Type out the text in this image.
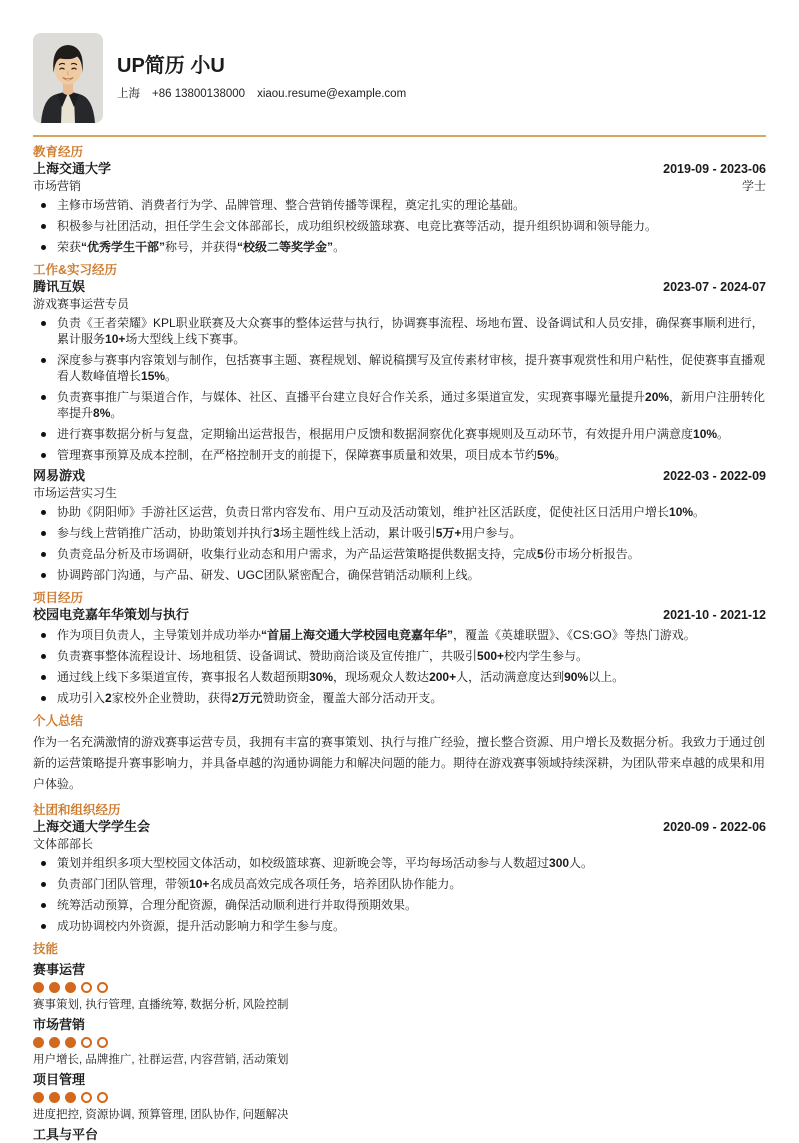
UP简历 小U
上海 +86 13800138000 xiaou.resume@example.com
教育经历
上海交通大学	2019-09 - 2023-06
市场营销	学士
主修市场营销、消费者行为学、品牌管理、整合营销传播等课程，奠定扎实的理论基础。
积极参与社团活动，担任学生会文体部部长，成功组织校级篮球赛、电竞比赛等活动，提升组织协调和领导能力。
荣获“优秀学生干部”称号，并获得“校级二等奖学金”。
工作&实习经历
腾讯互娱	2023-07 - 2024-07
游戏赛事运营专员
负责《王者荣耀》KPL职业联赛及大众赛事的整体运营与执行，协调赛事流程、场地布置、设备调试和人员安排，确保赛事顺利进行，累计服务10+场大型线上线下赛事。
深度参与赛事内容策划与制作，包括赛事主题、赛程规划、解说稿撰写及宣传素材审核，提升赛事观赏性和用户粘性，促使赛事直播观看人数峰值增长15%。
负责赛事推广与渠道合作，与媒体、社区、直播平台建立良好合作关系，通过多渠道宣发，实现赛事曝光量提升20%，新用户注册转化率提升8%。
进行赛事数据分析与复盘，定期输出运营报告，根据用户反馈和数据洞察优化赛事规则及互动环节，有效提升用户满意度10%。
管理赛事预算及成本控制，在严格控制开支的前提下，保障赛事质量和效果，项目成本节约5%。
网易游戏	2022-03 - 2022-09
市场运营实习生
协助《阴阳师》手游社区运营，负责日常内容发布、用户互动及活动策划，维护社区活跃度，促使社区日活用户增长10%。
参与线上营销推广活动，协助策划并执行3场主题性线上活动，累计吸引5万+用户参与。
负责竞品分析及市场调研，收集行业动态和用户需求，为产品运营策略提供数据支持，完成5份市场分析报告。
协调跨部门沟通，与产品、研发、UGC团队紧密配合，确保营销活动顺利上线。
项目经历
校园电竞嘉年华策划与执行	2021-10 - 2021-12
作为项目负责人，主导策划并成功举办“首届上海交通大学校园电竞嘉年华”，覆盖《英雄联盟》、《CS:GO》等热门游戏。
负责赛事整体流程设计、场地租赁、设备调试、赞助商洽谈及宣传推广，共吸引500+校内学生参与。
通过线上线下多渠道宣传，赛事报名人数超预期30%，现场观众人数达200+人，活动满意度达到90%以上。
成功引入2家校外企业赞助，获得2万元赞助资金，覆盖大部分活动开支。
个人总结

作为一名充满激情的游戏赛事运营专员，我拥有丰富的赛事策划、执行与推广经验，擅长整合资源、用户增长及数据分析。我致力于通过创新的运营策略提升赛事影响力，并具备卓越的沟通协调能力和解决问题的能力。期待在游戏赛事领域持续深耕，为团队带来卓越的成果和用户体验。

社团和组织经历
上海交通大学学生会	2020-09 - 2022-06
文体部部长
策划并组织多项大型校园文体活动，如校级篮球赛、迎新晚会等，平均每场活动参与人数超过300人。
负责部门团队管理，带领10+名成员高效完成各项任务，培养团队协作能力。
统筹活动预算，合理分配资源，确保活动顺利进行并取得预期效果。
成功协调校内外资源，提升活动影响力和学生参与度。
技能
赛事运营
赛事策划, 执行管理, 直播统筹, 数据分析, 风险控制
市场营销
用户增长, 品牌推广, 社群运营, 内容营销, 活动策划
项目管理
进度把控, 资源协调, 预算管理, 团队协作, 问题解决
工具与平台
